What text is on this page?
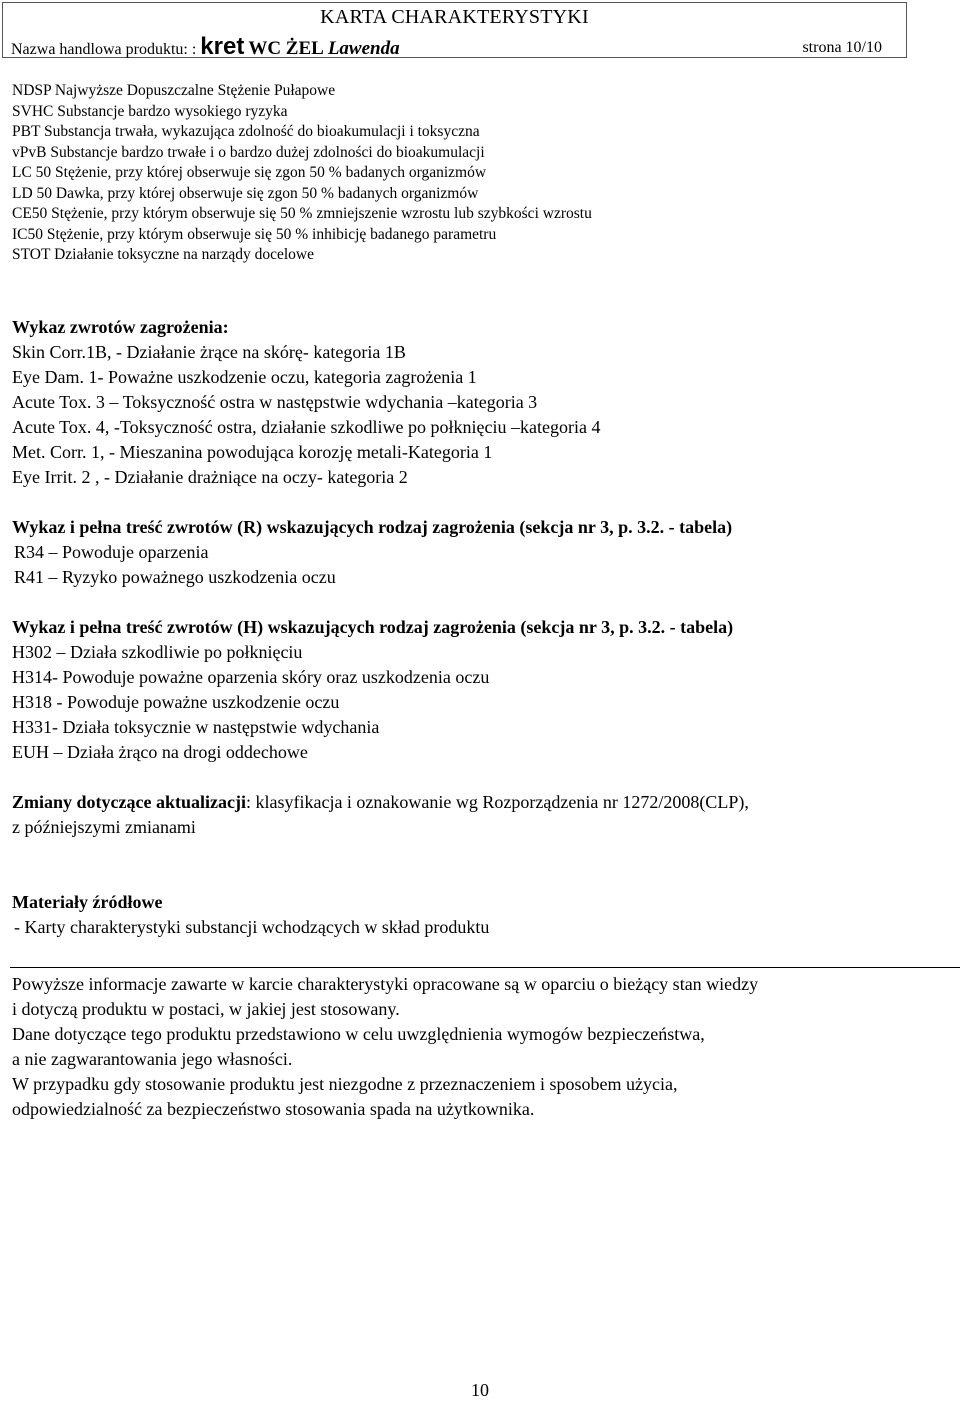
KARTA CHARAKTERYSTYKI
Nazwa handlowa produktu: : kret WC ŻEL Lawenda	strona 10/10
NDSP Najwyższe Dopuszczalne Stężenie Pułapowe
SVHC Substancje bardzo wysokiego ryzyka
PBT Substancja trwała, wykazująca zdolność do bioakumulacji i toksyczna
vPvB Substancje bardzo trwałe i o bardzo dużej zdolności do bioakumulacji
LC 50 Stężenie, przy której obserwuje się zgon 50 % badanych organizmów
LD 50 Dawka, przy której obserwuje się zgon 50 % badanych organizmów
CE50 Stężenie, przy którym obserwuje się 50 % zmniejszenie wzrostu lub szybkości wzrostu
IC50 Stężenie, przy którym obserwuje się 50 % inhibicję badanego parametru
STOT Działanie toksyczne na narządy docelowe
Wykaz zwrotów zagrożenia:
Skin Corr.1B, - Działanie żrące na skórę- kategoria 1B
Eye Dam. 1- Poważne uszkodzenie oczu, kategoria zagrożenia 1
Acute Tox. 3 – Toksyczność ostra w następstwie wdychania –kategoria 3
Acute Tox. 4, -Toksyczność ostra, działanie szkodliwe po połknięciu –kategoria 4
Met. Corr. 1, - Mieszanina powodująca korozję metali-Kategoria 1
Eye Irrit. 2 , - Działanie drażniące na oczy- kategoria 2
Wykaz i pełna treść zwrotów (R) wskazujących rodzaj zagrożenia (sekcja nr 3, p. 3.2. - tabela)
R34 – Powoduje oparzenia
R41 – Ryzyko poważnego uszkodzenia oczu
Wykaz i pełna treść zwrotów (H) wskazujących rodzaj zagrożenia (sekcja nr 3, p. 3.2. - tabela)
H302 – Działa szkodliwie po połknięciu
H314- Powoduje poważne oparzenia skóry oraz uszkodzenia oczu
H318 - Powoduje poważne uszkodzenie oczu
H331- Działa toksycznie w następstwie wdychania
EUH – Działa żrąco na drogi oddechowe
Zmiany dotyczące aktualizacji: klasyfikacja i oznakowanie wg Rozporządzenia nr 1272/2008(CLP),
z późniejszymi zmianami
Materiały źródłowe
- Karty charakterystyki substancji wchodzących w skład produktu
Powyższe informacje zawarte w karcie charakterystyki opracowane są w oparciu o bieżący stan wiedzy
i dotyczą produktu w postaci, w jakiej jest stosowany.
Dane dotyczące tego produktu przedstawiono w celu uwzględnienia wymogów bezpieczeństwa,
a nie zagwarantowania jego własności.
W przypadku gdy stosowanie produktu jest niezgodne z przeznaczeniem i sposobem użycia,
odpowiedzialność za bezpieczeństwo stosowania spada na użytkownika.
10
